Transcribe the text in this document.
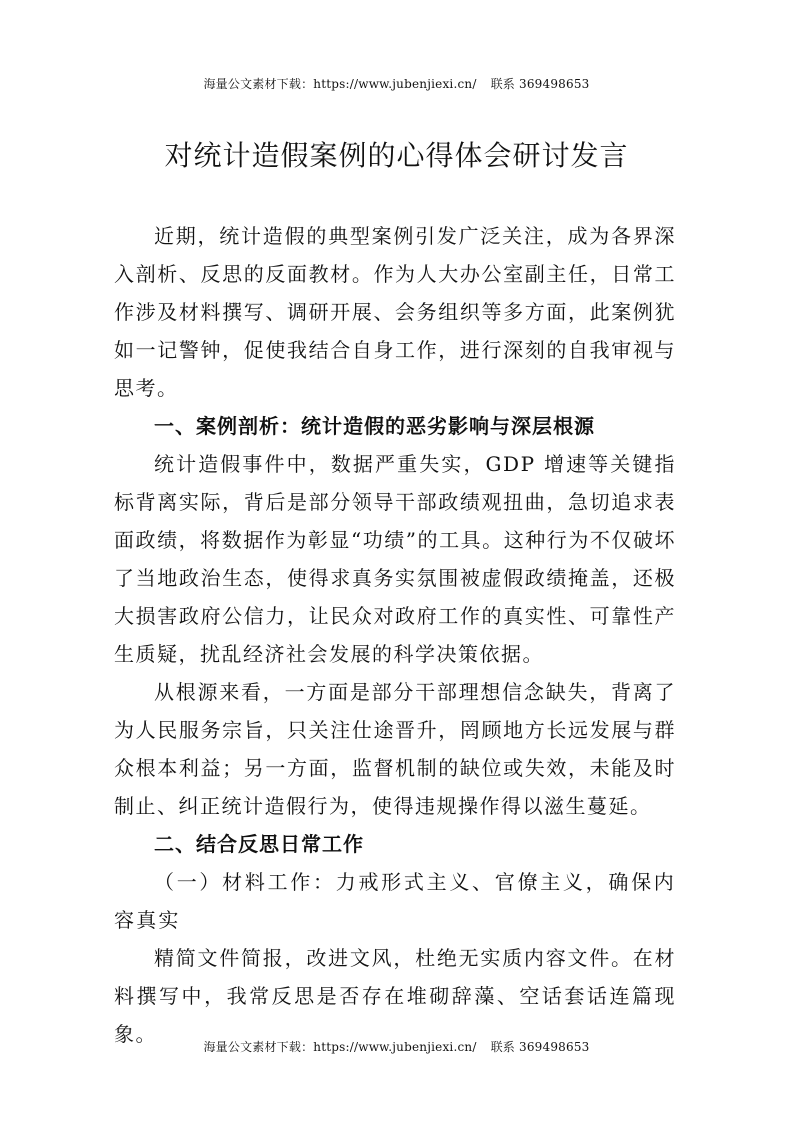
海量公文素材下载：https://www.jubenjiexi.cn/ 联系 369498653
对统计造假案例的心得体会研讨发言

近期，统计造假的典型案例引发广泛关注，成为各界深入剖析、反思的反面教材。作为人大办公室副主任，日常工作涉及材料撰写、调研开展、会务组织等多方面，此案例犹如一记警钟，促使我结合自身工作，进行深刻的自我审视与思考。

一、案例剖析：统计造假的恶劣影响与深层根源

统计造假事件中，数据严重失实，GDP 增速等关键指标背离实际，背后是部分领导干部政绩观扭曲，急切追求表面政绩，将数据作为彰显“功绩”的工具。这种行为不仅破坏了当地政治生态，使得求真务实氛围被虚假政绩掩盖，还极大损害政府公信力，让民众对政府工作的真实性、可靠性产生质疑，扰乱经济社会发展的科学决策依据。

从根源来看，一方面是部分干部理想信念缺失，背离了为人民服务宗旨，只关注仕途晋升，罔顾地方长远发展与群众根本利益；另一方面，监督机制的缺位或失效，未能及时制止、纠正统计造假行为，使得违规操作得以滋生蔓延。

二、结合反思日常工作

（一）材料工作：力戒形式主义、官僚主义，确保内容真实

精简文件简报，改进文风，杜绝无实质内容文件。在材料撰写中，我常反思是否存在堆砌辞藻、空话套话连篇现象。

海量公文素材下载：https://www.jubenjiexi.cn/ 联系 369498653
